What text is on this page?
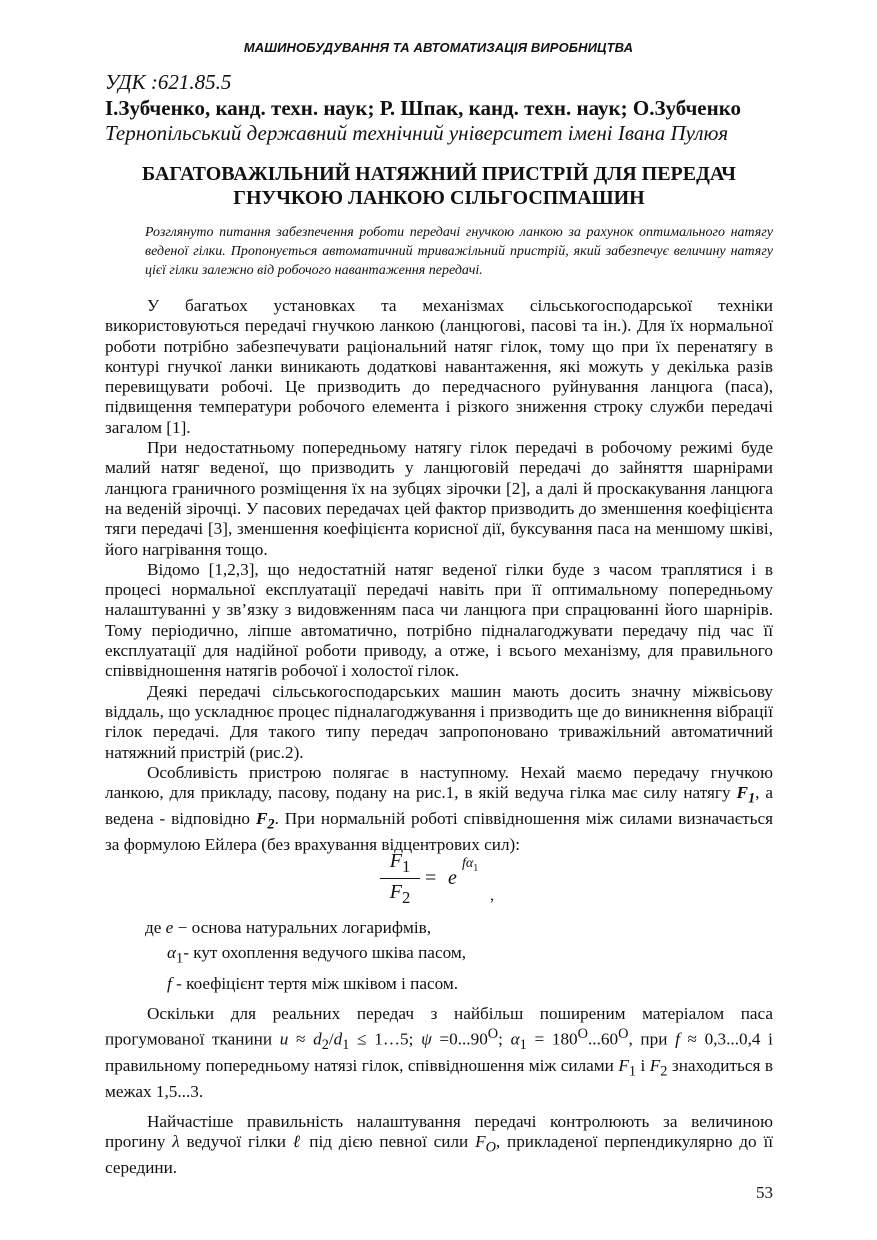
МАШИНОБУДУВАННЯ ТА АВТОМАТИЗАЦІЯ ВИРОБНИЦТВА
УДК :621.85.5
І.Зубченко, канд. техн. наук; Р. Шпак, канд. техн. наук; О.Зубченко
Тернопільський державний технічний університет імені Івана Пулюя
БАГАТОВАЖІЛЬНИЙ НАТЯЖНИЙ ПРИСТРІЙ ДЛЯ ПЕРЕДАЧ ГНУЧКОЮ ЛАНКОЮ СІЛЬГОСПМАШИН
Розглянуто питання забезпечення роботи передачі гнучкою ланкою за рахунок оптимального натягу веденої гілки. Пропонується автоматичний триважільний пристрій, який забезпечує величину натягу цієї гілки залежно від робочого навантаження передачі.

У багатьох установках та механізмах сільськогосподарської техніки використовуються передачі гнучкою ланкою (ланцюгові, пасові та ін.). Для їх нормальної роботи потрібно забезпечувати раціональний натяг гілок, тому що при їх перенатягу в контурі гнучкої ланки виникають додаткові навантаження, які можуть у декілька разів перевищувати робочі. Це призводить до передчасного руйнування ланцюга (паса), підвищення температури робочого елемента і різкого зниження строку служби передачі загалом [1].

При недостатньому попередньому натягу гілок передачі в робочому режимі буде малий натяг веденої, що призводить у ланцюговій передачі до зайняття шарнірами ланцюга граничного розміщення їх на зубцях зірочки [2], а далі й проскакування ланцюга на веденій зірочці. У пасових передачах цей фактор призводить до зменшення коефіцієнта тяги передачі [3], зменшення коефіцієнта корисної дії, буксування паса на меншому шківі, його нагрівання тощо.

Відомо [1,2,3], що недостатній натяг веденої гілки буде з часом траплятися і в процесі нормальної експлуатації передачі навіть при її оптимальному попередньому налаштуванні у зв’язку з видовженням паса чи ланцюга при спрацюванні його шарнірів. Тому періодично, ліпше автоматично, потрібно підналагоджувати передачу під час її експлуатації для надійної роботи приводу, а отже, і всього механізму, для правильного співвідношення натягів робочої і холостої гілок.

Деякі передачі сільськогосподарських машин мають досить значну міжвісьову віддаль, що ускладнює процес підналагоджування і призводить ще до виникнення вібрації гілок передачі. Для такого типу передач запропоновано триважільний автоматичний натяжний пристрій (рис.2).

Особливість пристрою полягає в наступному. Нехай маємо передачу гнучкою ланкою, для прикладу, пасову, подану на рис.1, в якій ведуча гілка має силу натягу $F_1$, а ведена - відповідно $F_2$. При нормальній роботі співвідношення між силами визначається за формулою Ейлера (без врахування відцентрових сил):

$F_1$
$F_2$
= e
$f\alpha_1$
,
де e − основа натуральних логарифмів,
$\alpha_1-$ кут охоплення ведучого шківа пасом,
f - коефіцієнт тертя між шківом і пасом.

Оскільки для реальних передач з найбільш поширеним матеріалом паса прогумованої тканини $u \approx d_2/d_1$ ≤ 1…5; $\psi =0...90^O$; $\alpha_1 = 180^O...60^O$, при f ≈ 0,3...0,4 і правильному попередньому натязі гілок, співвідношення між силами $F_1$ і $F_2$ знаходиться в межах 1,5...3.

Найчастіше правильність налаштування передачі контролюють за величиною прогину λ ведучої гілки ℓ під дією певної сили $F_O$, прикладеної перпендикулярно до її середини.

53
